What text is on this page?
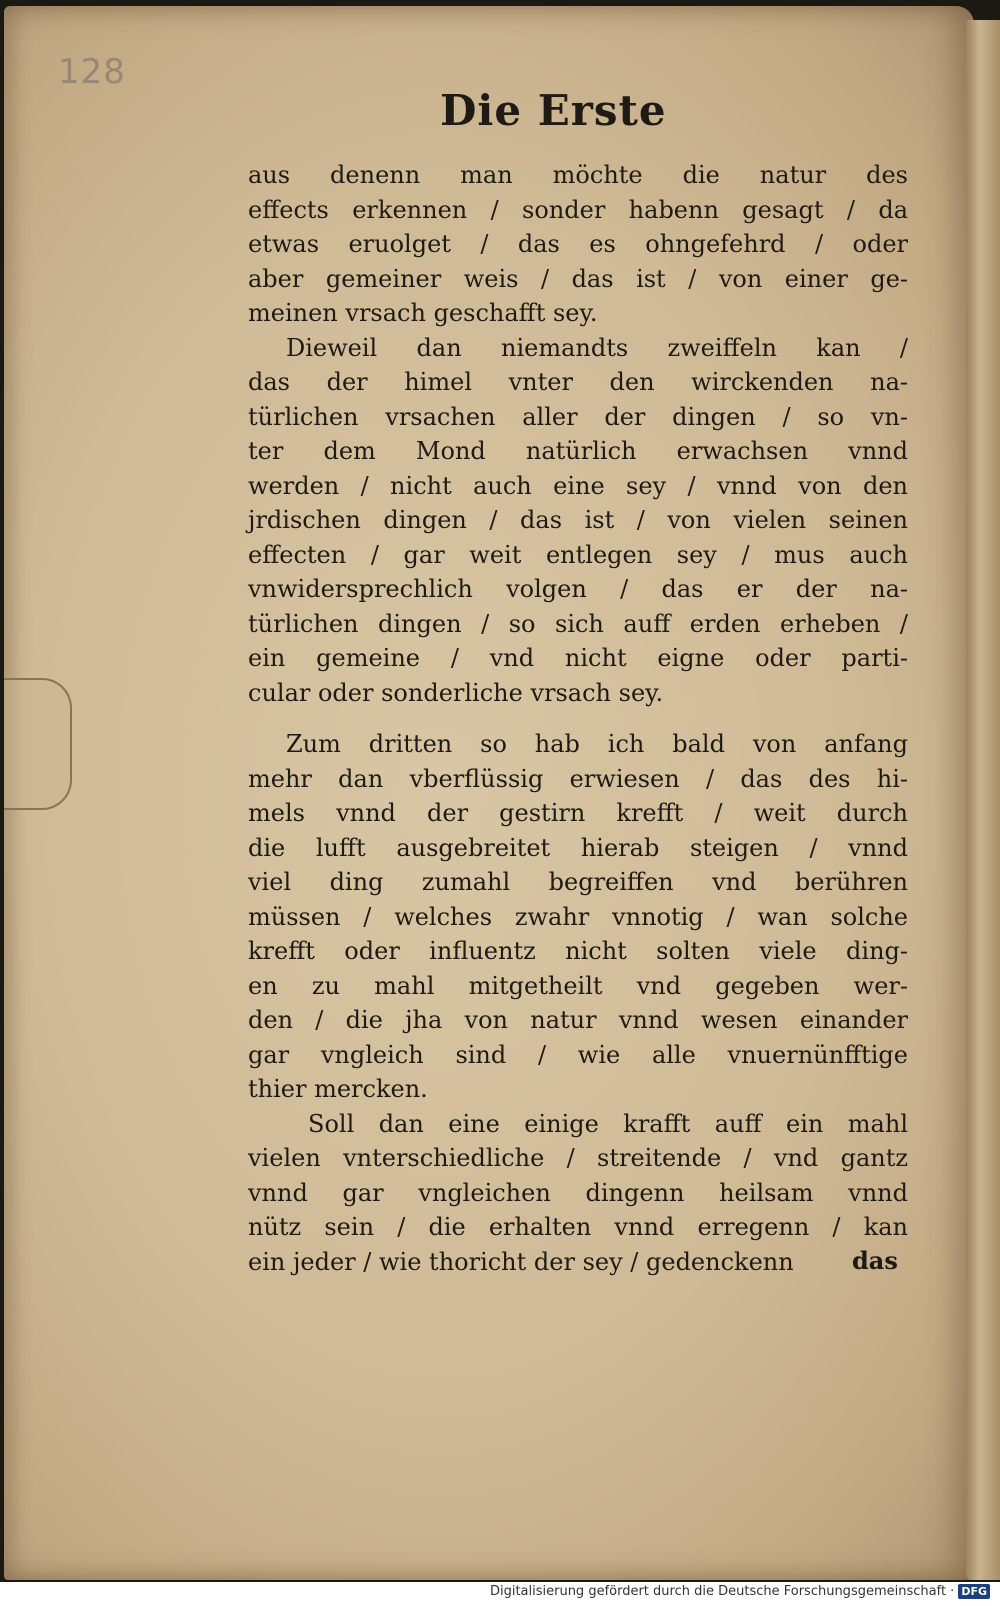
128
Die Erste
aus denenn man möchte die natur des
effects erkennen / sonder habenn gesagt / da
etwas eruolget / das es ohngefehrd / oder
aber gemeiner weis / das ist / von einer ge-
meinen vrsach geschafft sey.
Dieweil dan niemandts zweiffeln kan /
das der himel vnter den wirckenden na-
türlichen vrsachen aller der dingen / so vn-
ter dem Mond natürlich erwachsen vnnd
werden / nicht auch eine sey / vnnd von den
jrdischen dingen / das ist / von vielen seinen
effecten / gar weit entlegen sey / mus auch
vnwidersprechlich volgen / das er der na-
türlichen dingen / so sich auff erden erheben /
ein gemeine / vnd nicht eigne oder parti-
cular oder sonderliche vrsach sey.
Zum dritten so hab ich bald von anfang
mehr dan vberflüssig erwiesen / das des hi-
mels vnnd der gestirn krefft / weit durch
die lufft ausgebreitet hierab steigen / vnnd
viel ding zumahl begreiffen vnd berühren
müssen / welches zwahr vnnotig / wan solche
krefft oder influentz nicht solten viele ding-
en zu mahl mitgetheilt vnd gegeben wer-
den / die jha von natur vnnd wesen einander
gar vngleich sind / wie alle vnuernünfftige
thier mercken.
Soll dan eine einige krafft auff ein mahl
vielen vnterschiedliche / streitende / vnd gantz
vnnd gar vngleichen dingenn heilsam vnnd
nütz sein / die erhalten vnnd erregenn / kan
ein jeder / wie thoricht der sey / gedenckenn	das
Digitalisierung gefördert durch die Deutsche Forschungsgemeinschaft · DFG
